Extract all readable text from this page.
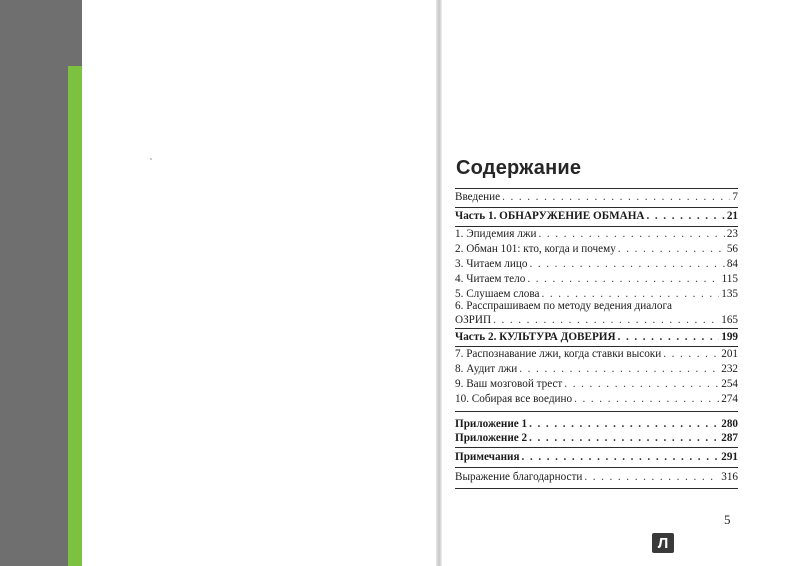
Содержание
Введение . . .	7
Часть 1. ОБНАРУЖЕНИЕ ОБМАНА . . .	21
1. Эпидемия лжи . . .	23
2. Обман 101: кто, когда и почему . . .	56
3. Читаем лицо . . .	84
4. Читаем тело . . .	115
5. Слушаем слова . . .	135
6. Расспрашиваем по методу ведения диалога
ОЗРИП . . .	165
Часть 2. КУЛЬТУРА ДОВЕРИЯ . . .	199
7. Распознавание лжи, когда ставки высоки . . .	201
8. Аудит лжи . . .	232
9. Ваш мозговой трест . . .	254
10. Собирая все воедино . . .	274
Приложение 1 . . .	280
Приложение 2 . . .	287
Примечания . . .	291
Выражение благодарности . . .	316
5
Л
